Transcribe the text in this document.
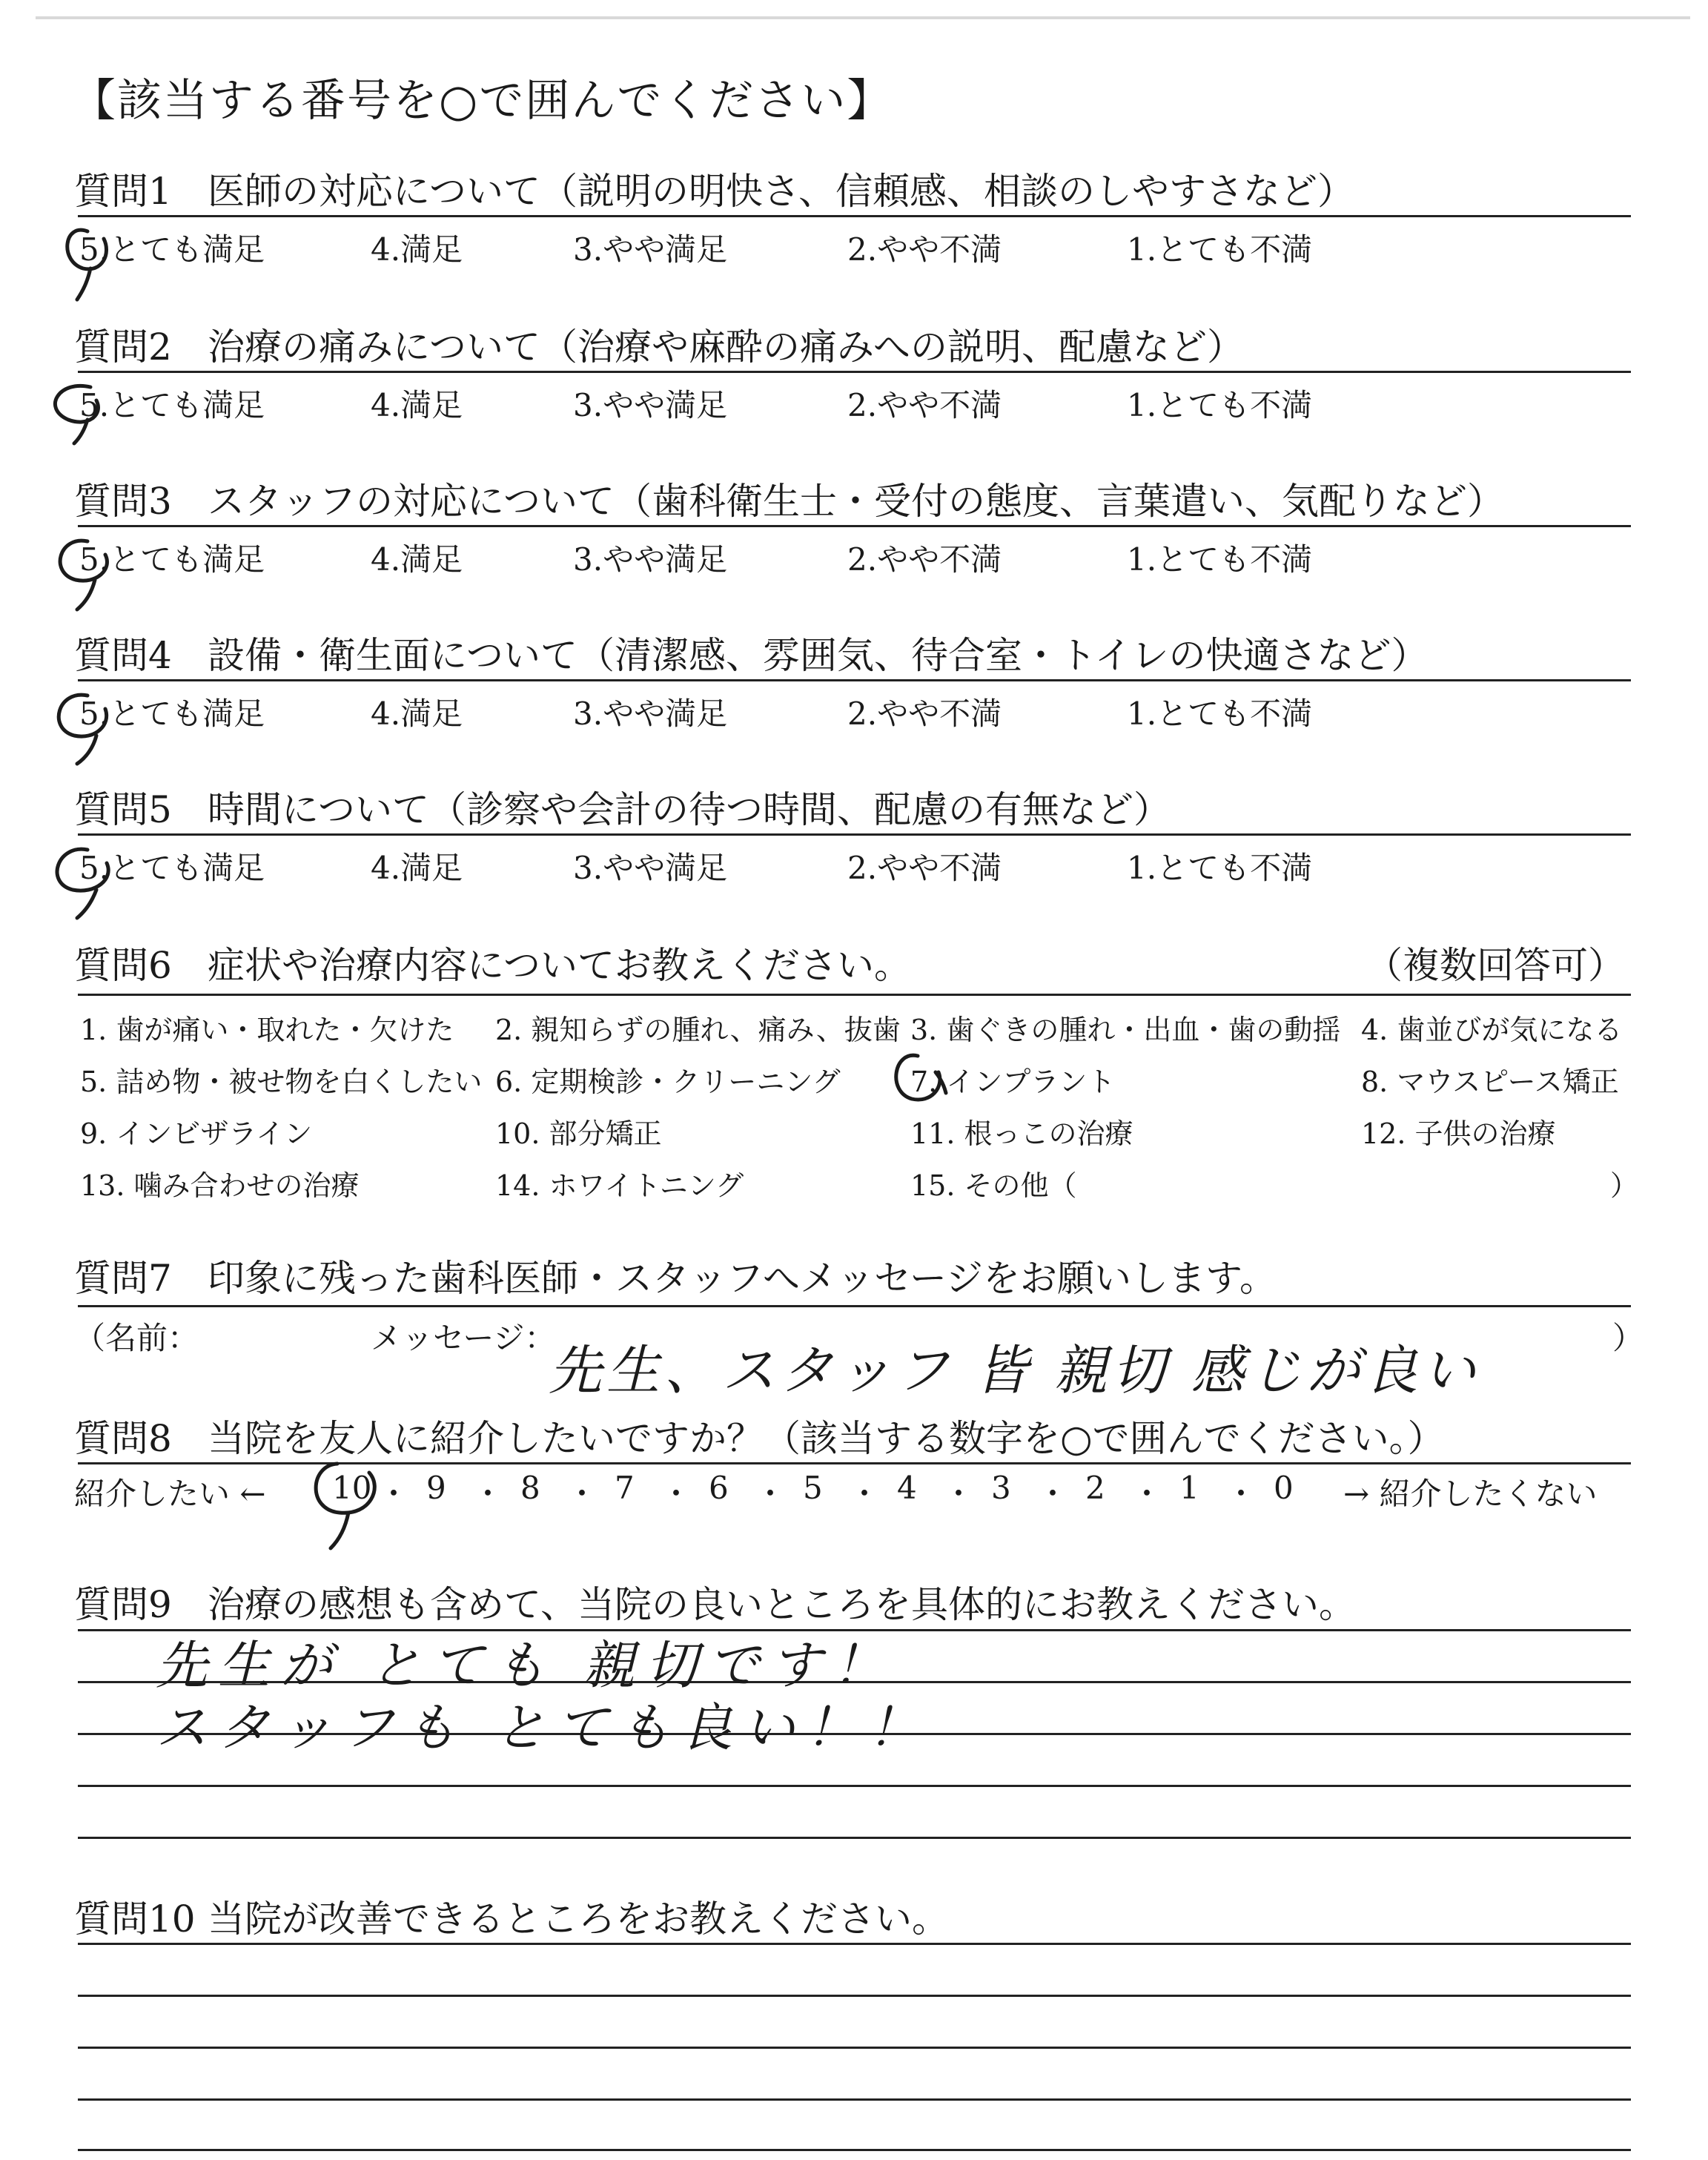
【該当する番号を○で囲んでください】
質問1 医師の対応について（説明の明快さ、信頼感、相談のしやすさなど）
5.とても満足	4.満足	3.やや満足	2.やや不満	1.とても不満
質問2 治療の痛みについて（治療や麻酔の痛みへの説明、配慮など）
5.とても満足	4.満足	3.やや満足	2.やや不満	1.とても不満
質問3 スタッフの対応について（歯科衛生士・受付の態度、言葉遣い、気配りなど）
5.とても満足	4.満足	3.やや満足	2.やや不満	1.とても不満
質問4 設備・衛生面について（清潔感、雰囲気、待合室・トイレの快適さなど）
5.とても満足	4.満足	3.やや満足	2.やや不満	1.とても不満
質問5 時間について（診察や会計の待つ時間、配慮の有無など）
5.とても満足	4.満足	3.やや満足	2.やや不満	1.とても不満
質問6 症状や治療内容についてお教えください。	（複数回答可）
1. 歯が痛い・取れた・欠けた 2. 親知らずの腫れ、痛み、抜歯 3. 歯ぐきの腫れ・出血・歯の動揺 4. 歯並びが気になる
5. 詰め物・被せ物を白くしたい 6. 定期検診・クリーニング 7. インプラント	8. マウスピース矯正
9. インビザライン	10. 部分矯正	11. 根っこの治療	12. 子供の治療
13. 噛み合わせの治療	14. ホワイトニング	15. その他（	）
質問7 印象に残った歯科医師・スタッフへメッセージをお願いします。
（名前：	メッセージ：
先生、スタッフ 皆 親切 感じが良い
）
質問8 当院を友人に紹介したいですか？（該当する数字を○で囲んでください。）
紹介したい ← 10 ・ 9 ・ 8 ・ 7 ・ 6 ・ 5 ・ 4 ・ 3 ・ 2 ・ 1 ・ 0 → 紹介したくない
質問9 治療の感想も含めて、当院の良いところを具体的にお教えください。
先生が とても 親切です！
スタッフも とても良い！！
質問10 当院が改善できるところをお教えください。
